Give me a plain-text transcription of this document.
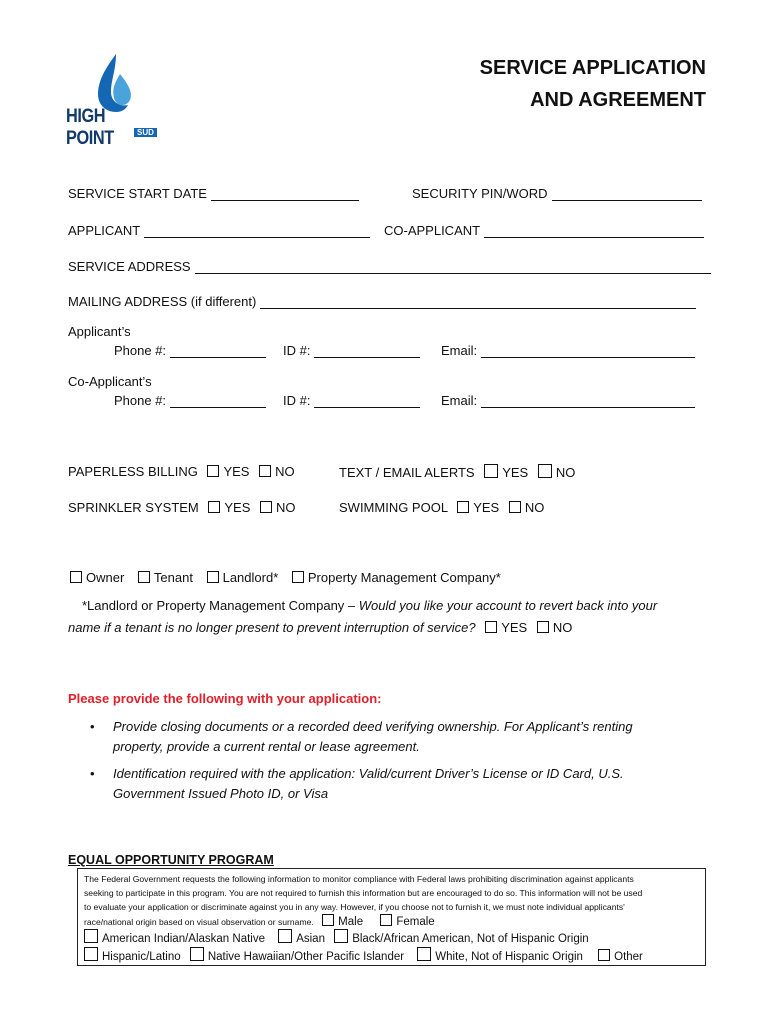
HIGH POINT	SUD
SERVICE APPLICATION
AND AGREEMENT
SERVICE START DATE	SECURITY PIN/WORD
APPLICANT	CO-APPLICANT
SERVICE ADDRESS
MAILING ADDRESS (if different)
Applicant’s
Phone #:	ID #:	Email:
Co-Applicant’s
Phone #:	ID #:	Email:
PAPERLESS BILLING YES NO	TEXT / EMAIL ALERTS YES NO
SPRINKLER SYSTEM YES NO	SWIMMING POOL YES NO
Owner Tenant Landlord* Property Management Company*
*Landlord or Property Management Company – Would you like your account to revert back into your
name if a tenant is no longer present to prevent interruption of service? YES NO
Please provide the following with your application:
• Provide closing documents or a recorded deed verifying ownership. For Applicant’s renting
property, provide a current rental or lease agreement.
• Identification required with the application: Valid/current Driver’s License or ID Card, U.S.
Government Issued Photo ID, or Visa
EQUAL OPPORTUNITY PROGRAM
The Federal Government requests the following information to monitor compliance with Federal laws prohibiting discrimination against applicants
seeking to participate in this program. You are not required to furnish this information but are encouraged to do so. This information will not be used
to evaluate your application or discriminate against you in any way. However, if you choose not to furnish it, we must note individual applicants'
race/national origin based on visual observation or surname. Male	Female
American Indian/Alaskan Native	Asian Black/African American, Not of Hispanic Origin
Hispanic/Latino Native Hawaiian/Other Pacific Islander	White, Not of Hispanic Origin	Other
